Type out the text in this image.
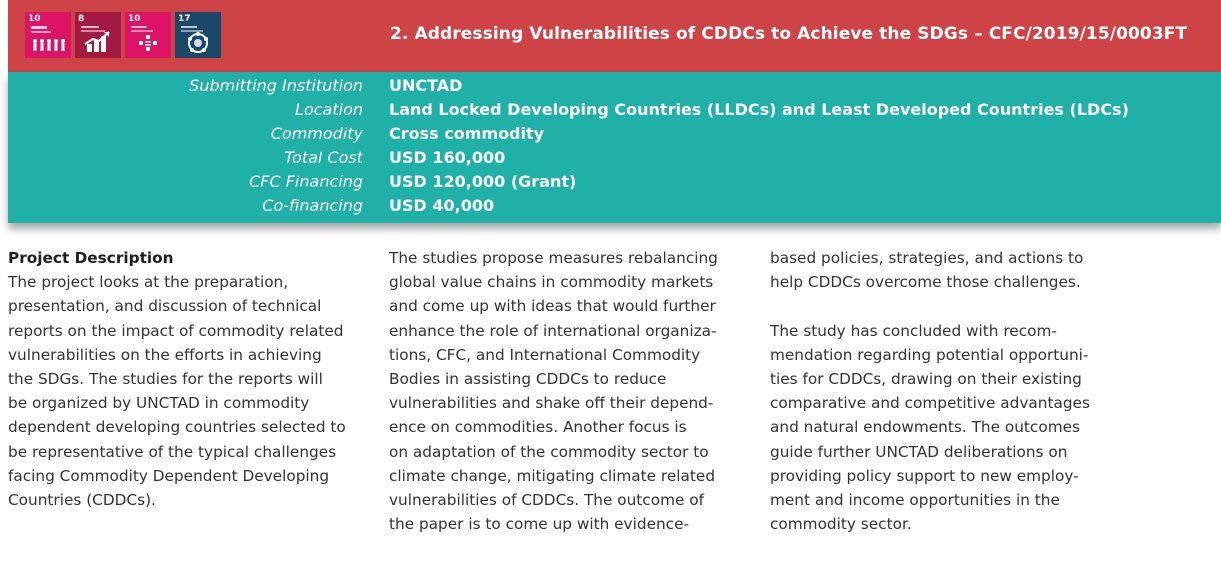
10	8	10	17
2. Addressing Vulnerabilities of CDDCs to Achieve the SDGs – CFC/2019/15/0003FT
Submitting Institution UNCTAD
Location Land Locked Developing Countries (LLDCs) and Least Developed Countries (LDCs)
Commodity Cross commodity
Total Cost USD 160,000
CFC Financing USD 120,000 (Grant)
Co-financing USD 40,000
Project Description
The project looks at the preparation,
presentation, and discussion of technical
reports on the impact of commodity related
vulnerabilities on the efforts in achieving
the SDGs. The studies for the reports will
be organized by UNCTAD in commodity
dependent developing countries selected to
be representative of the typical challenges
facing Commodity Dependent Developing
Countries (CDDCs).
The studies propose measures rebalancing
global value chains in commodity markets
and come up with ideas that would further
enhance the role of international organiza-
tions, CFC, and International Commodity
Bodies in assisting CDDCs to reduce
vulnerabilities and shake off their depend-
ence on commodities. Another focus is
on adaptation of the commodity sector to
climate change, mitigating climate related
vulnerabilities of CDDCs. The outcome of
the paper is to come up with evidence-
based policies, strategies, and actions to
help CDDCs overcome those challenges.
The study has concluded with recom-
mendation regarding potential opportuni-
ties for CDDCs, drawing on their existing
comparative and competitive advantages
and natural endowments. The outcomes
guide further UNCTAD deliberations on
providing policy support to new employ-
ment and income opportunities in the
commodity sector.
